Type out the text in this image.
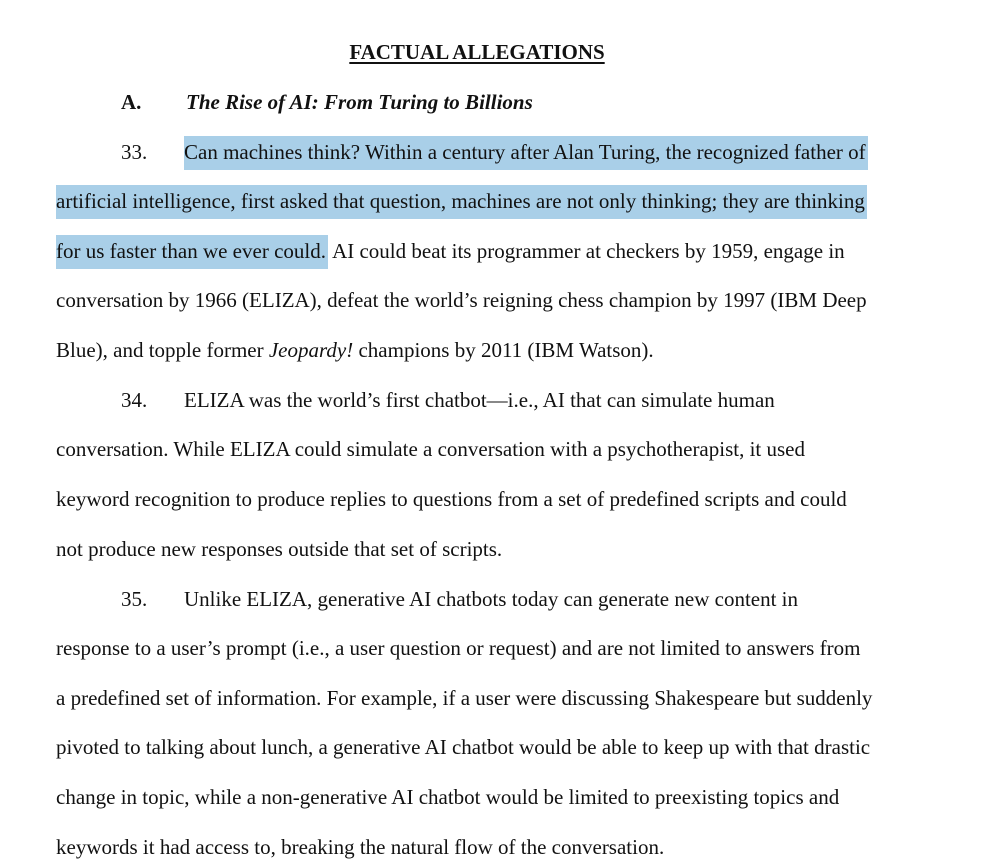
FACTUAL ALLEGATIONS
A. The Rise of AI: From Turing to Billions
33. Can machines think? Within a century after Alan Turing, the recognized father of
artificial intelligence, first asked that question, machines are not only thinking; they are thinking
for us faster than we ever could. AI could beat its programmer at checkers by 1959, engage in
conversation by 1966 (ELIZA), defeat the world’s reigning chess champion by 1997 (IBM Deep
Blue), and topple former Jeopardy! champions by 2011 (IBM Watson).
34. ELIZA was the world’s first chatbot—i.e., AI that can simulate human
conversation. While ELIZA could simulate a conversation with a psychotherapist, it used
keyword recognition to produce replies to questions from a set of predefined scripts and could
not produce new responses outside that set of scripts.
35. Unlike ELIZA, generative AI chatbots today can generate new content in
response to a user’s prompt (i.e., a user question or request) and are not limited to answers from
a predefined set of information. For example, if a user were discussing Shakespeare but suddenly
pivoted to talking about lunch, a generative AI chatbot would be able to keep up with that drastic
change in topic, while a non-generative AI chatbot would be limited to preexisting topics and
keywords it had access to, breaking the natural flow of the conversation.
